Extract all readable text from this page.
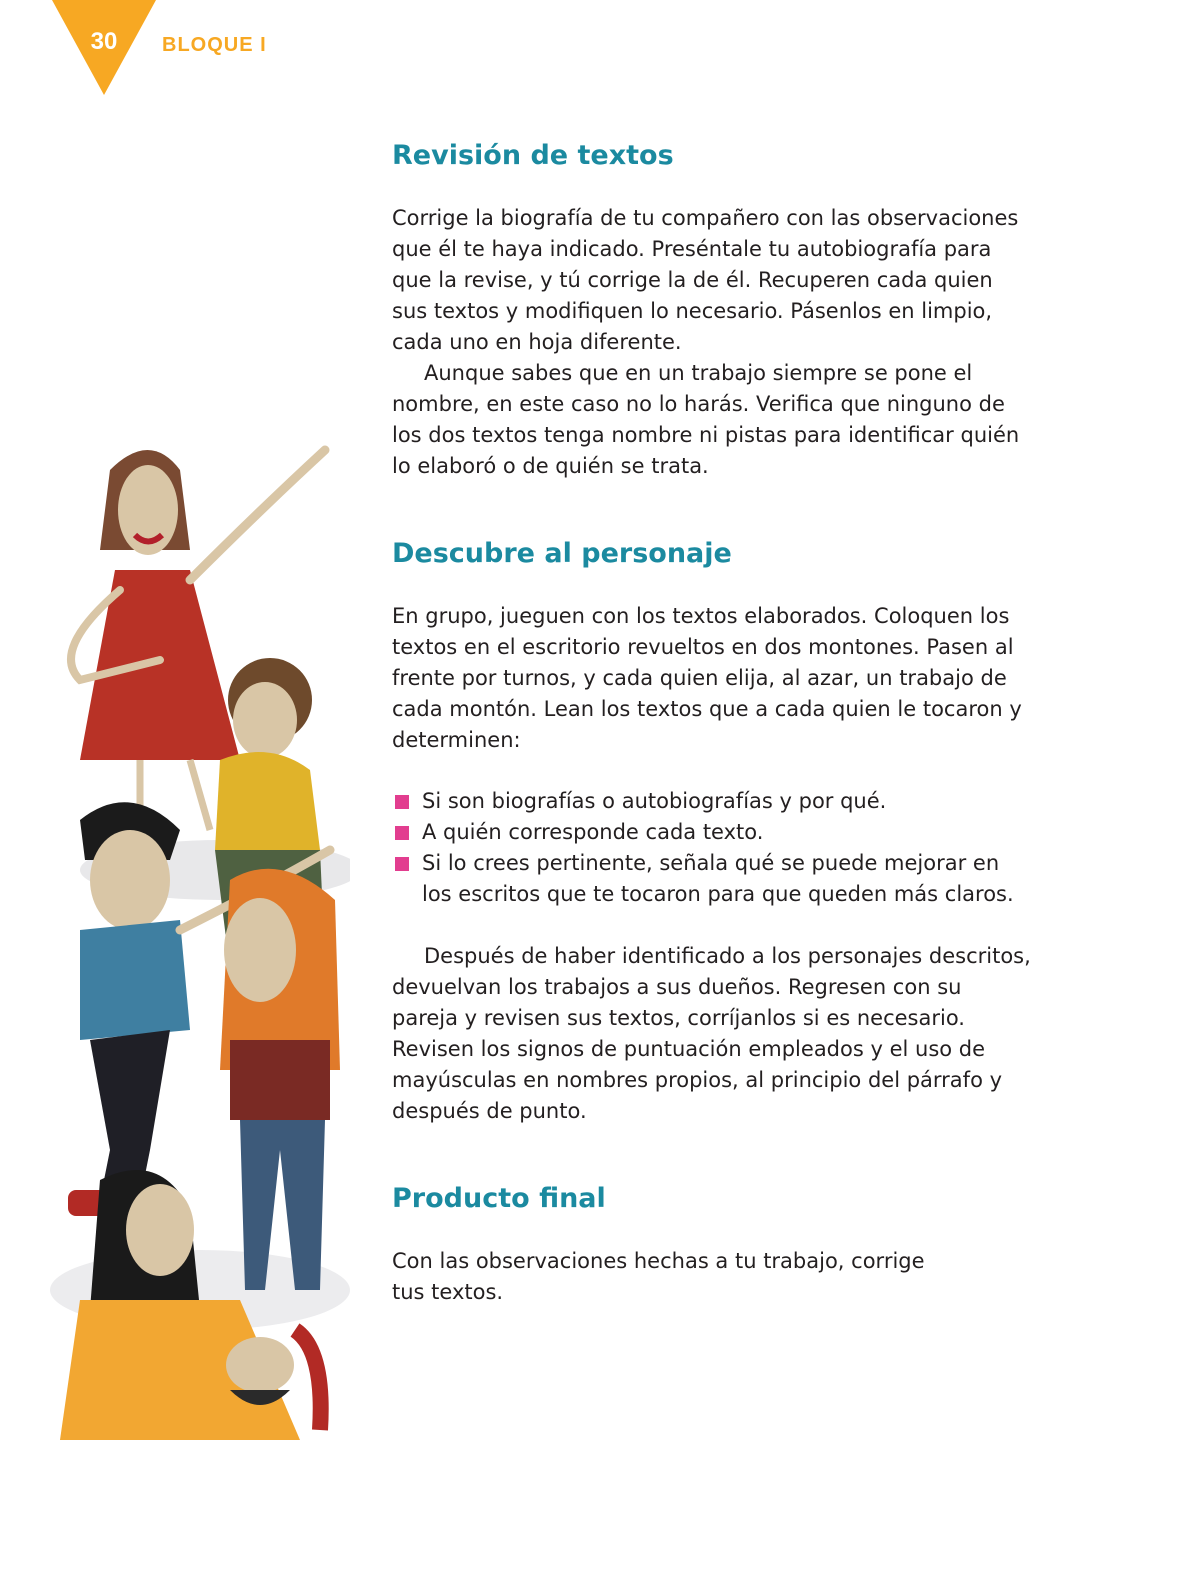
30	BLOQUE I
Revisión de textos

Corrige la biografía de tu compañero con las observaciones que él te haya indicado. Preséntale tu autobiografía para que la revise, y tú corrige la de él. Recuperen cada quien sus textos y modifiquen lo necesario. Pásenlos en limpio, cada uno en hoja diferente.

Aunque sabes que en un trabajo siempre se pone el nombre, en este caso no lo harás. Verifica que ninguno de los dos textos tenga nombre ni pistas para identificar quién lo elaboró o de quién se trata.

Descubre al personaje

En grupo, jueguen con los textos elaborados. Coloquen los textos en el escritorio revueltos en dos montones. Pasen al frente por turnos, y cada quien elija, al azar, un trabajo de cada montón. Lean los textos que a cada quien le tocaron y determinen:

Si son biografías o autobiografías y por qué.
A quién corresponde cada texto.
Si lo crees pertinente, señala qué se puede mejorar en los escritos que te tocaron para que queden más claros.

Después de haber identificado a los personajes descritos, devuelvan los trabajos a sus dueños. Regresen con su pareja y revisen sus textos, corríjanlos si es necesario. Revisen los signos de puntuación empleados y el uso de mayúsculas en nombres propios, al principio del párrafo y después de punto.

Producto final

Con las observaciones hechas a tu trabajo, corrige tus textos.
